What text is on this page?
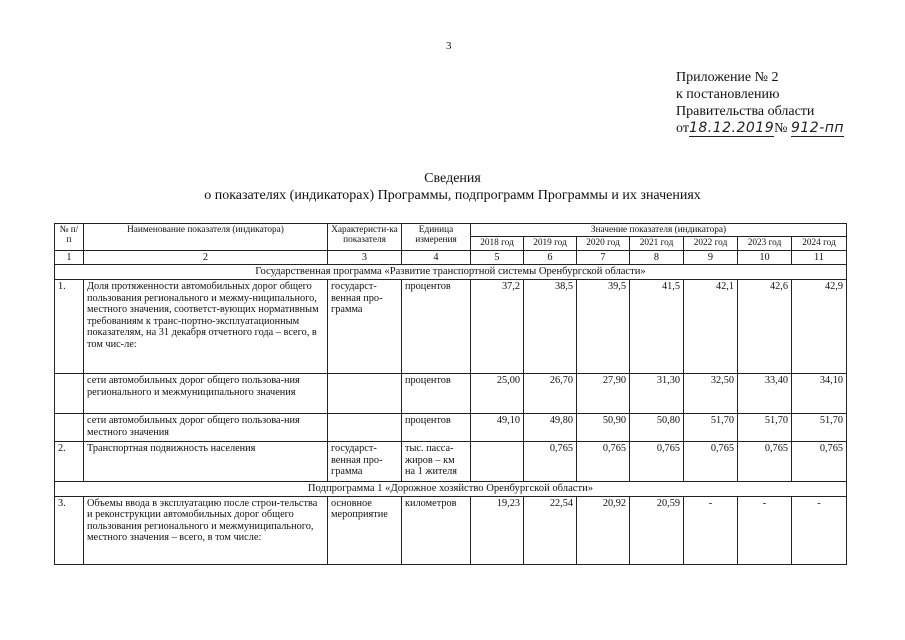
3
Приложение № 2
к постановлению
Правительства области
от18.12.2019№ 912-пп
Сведения
о показателях (индикаторах) Программы, подпрограмм Программы и их значениях
№ п/п	Наименование показателя (индикатора)	Характеристи-ка показателя	Единица измерения	Значение показателя (индикатора)						
				2018 год	2019 год	2020 год	2021 год	2022 год	2023 год	2024 год
1	2	3	4	5	6	7	8	9	10	11
Государственная программа «Развитие транспортной системы Оренбургской области»										
1.	Доля протяженности автомобильных дорог общего пользования регионального и межму-ниципального, местного значения, соответст-вующих нормативным требованиям к транс-портно-эксплуатационным показателям, на 31 декабря отчетного года – всего, в том чис-ле:	государст-венная про-грамма	процентов	37,2	38,5	39,5	41,5	42,1	42,6	42,9
	сети автомобильных дорог общего пользова-ния регионального и межмуниципального значения		процентов	25,00	26,70	27,90	31,30	32,50	33,40	34,10
	сети автомобильных дорог общего пользова-ния местного значения		процентов	49,10	49,80	50,90	50,80	51,70	51,70	51,70
2.	Транспортная подвижность населения	государст-венная про-грамма	тыс. пасса-жиров – км на 1 жителя		0,765	0,765	0,765	0,765	0,765	0,765
Подпрограмма 1 «Дорожное хозяйство Оренбургской области»										
3.	Объемы ввода в эксплуатацию после строи-тельства и реконструкции автомобильных дорог общего пользования регионального и межмуниципального, местного значения – всего, в том числе:	основное мероприятие	километров	19,23	22,54	20,92	20,59	-	-	-
